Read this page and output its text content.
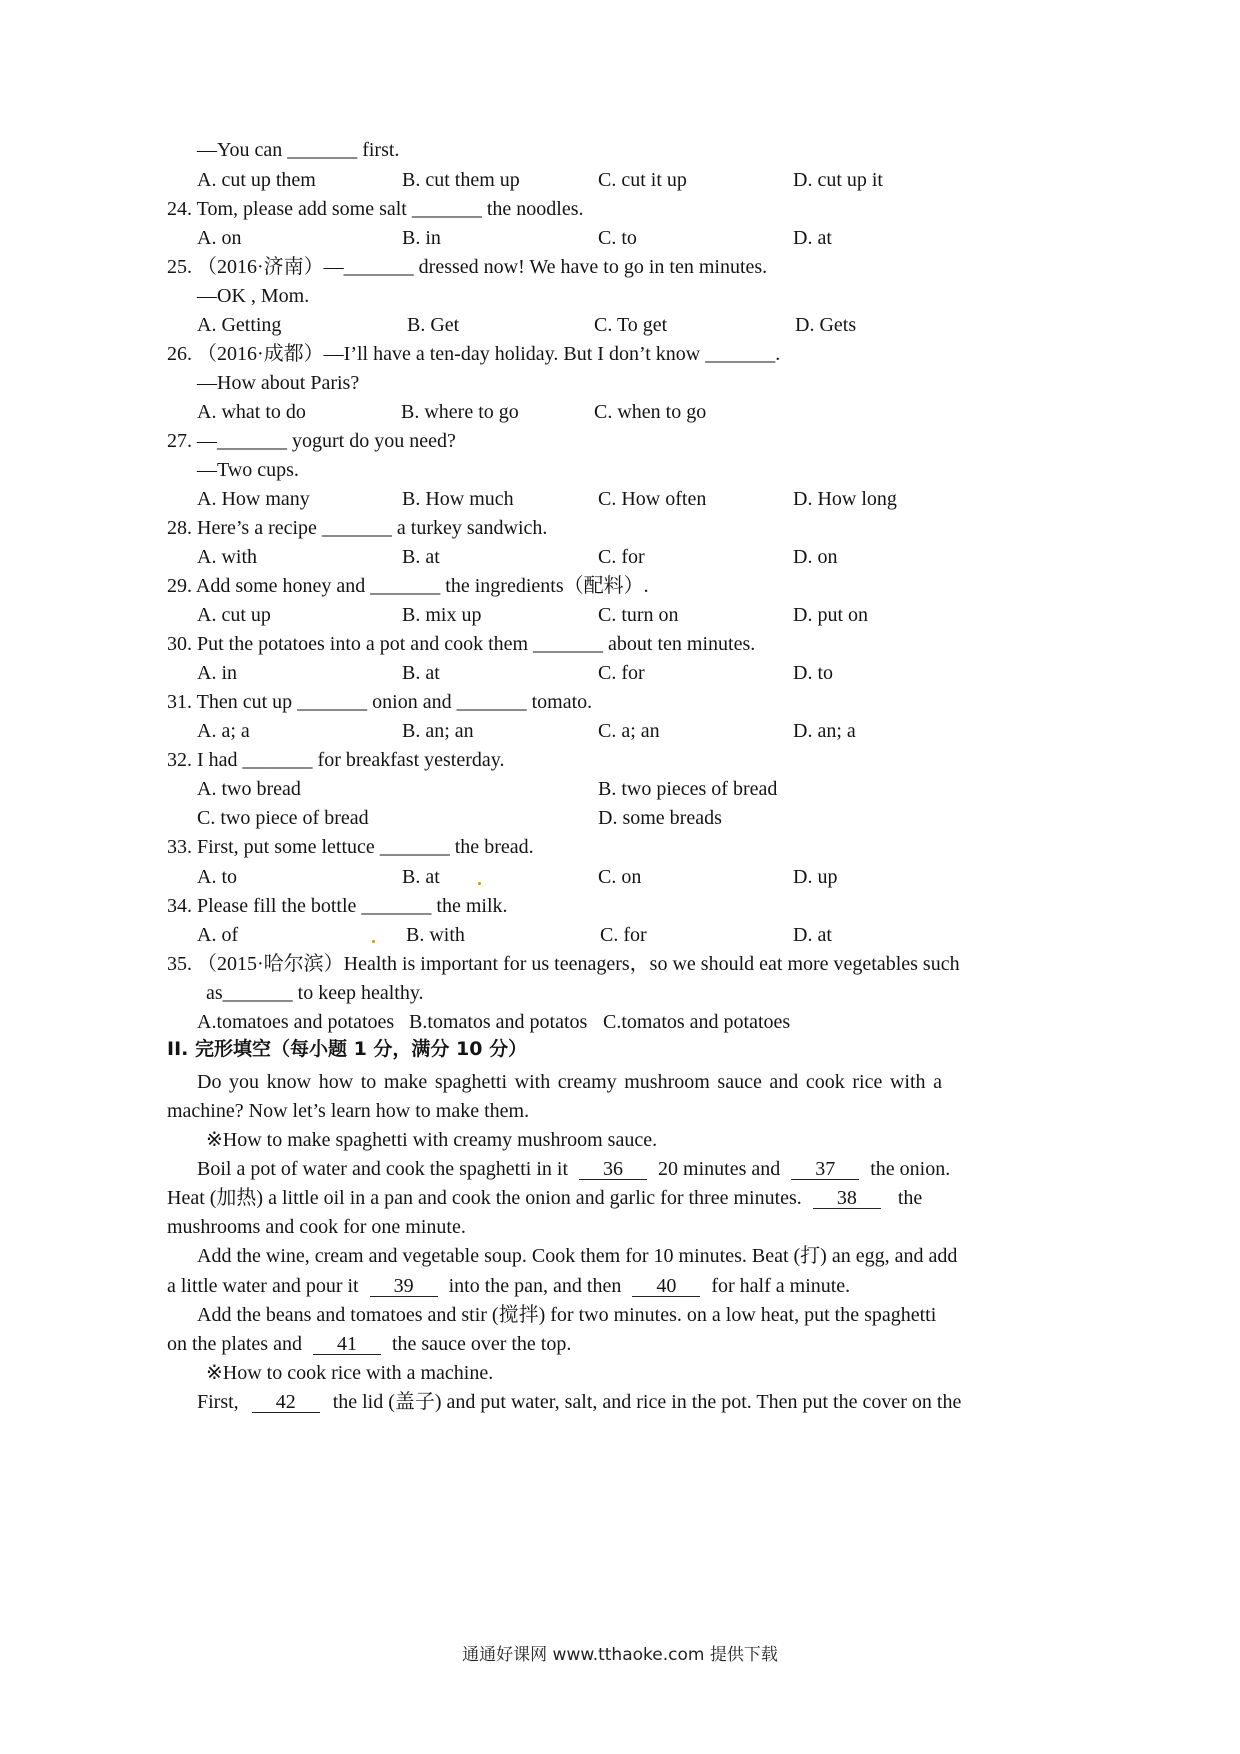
—You can _______ first.
A. cut up them	B. cut them up	C. cut it up	D. cut up it
24. Tom, please add some salt _______ the noodles.
A. on	B. in	C. to	D. at
25. （2016·济南）—_______ dressed now! We have to go in ten minutes.
—OK , Mom.
A. Getting	B. Get	C. To get	D. Gets
26. （2016·成都）—I’ll have a ten-day holiday. But I don’t know _______.
—How about Paris?
A. what to do	B. where to go	C. when to go
27. —_______ yogurt do you need?
—Two cups.
A. How many	B. How much	C. How often	D. How long
28. Here’s a recipe _______ a turkey sandwich.
A. with	B. at	C. for	D. on
29. Add some honey and _______ the ingredients（配料）.
A. cut up	B. mix up	C. turn on	D. put on
30. Put the potatoes into a pot and cook them _______ about ten minutes.
A. in	B. at	C. for	D. to
31. Then cut up _______ onion and _______ tomato.
A. a; a	B. an; an	C. a; an	D. an; a
32. I had _______ for breakfast yesterday.
A. two bread	B. two pieces of bread
C. two piece of bread	D. some breads
33. First, put some lettuce _______ the bread.
A. to	B. at	C. on	D. up
34. Please fill the bottle _______ the milk.
A. of	B. with	C. for	D. at
35. （2015·哈尔滨）Health is important for us teenagers，so we should eat more vegetables such
as_______ to keep healthy.
A.tomatoes and potatoes B.tomatos and potatos C.tomatos and potatoes
II. 完形填空（每小题 1 分，满分 10 分）
Do you know how to make spaghetti with creamy mushroom sauce and cook rice with a
machine? Now let’s learn how to make them.
※How to make spaghetti with creamy mushroom sauce.
Boil a pot of water and cook the spaghetti in it 36 20 minutes and 37 the onion.
Heat (加热) a little oil in a pan and cook the onion and garlic for three minutes. 38 the
mushrooms and cook for one minute.
Add the wine, cream and vegetable soup. Cook them for 10 minutes. Beat (打) an egg, and add
a little water and pour it 39 into the pan, and then 40 for half a minute.
Add the beans and tomatoes and stir (搅拌) for two minutes. on a low heat, put the spaghetti
on the plates and 41 the sauce over the top.
※How to cook rice with a machine.
First, 42 the lid (盖子) and put water, salt, and rice in the pot. Then put the cover on the
通通好课网 www.tthaoke.com 提供下载
